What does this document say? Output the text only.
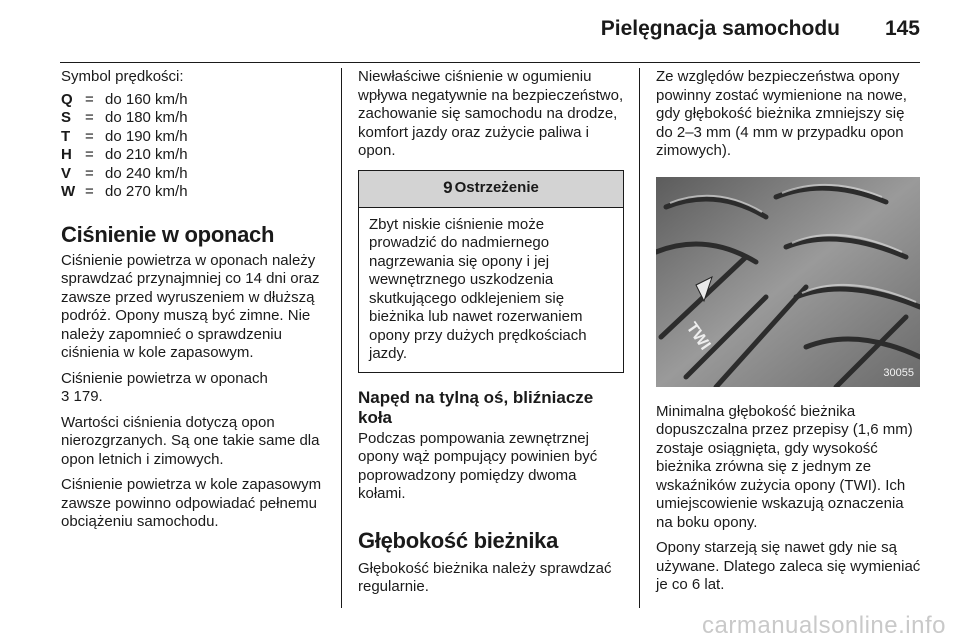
Pielęgnacja samochodu 145

Symbol prędkości:

Q = do 160 km/h
S = do 180 km/h
T = do 190 km/h
H = do 210 km/h
V = do 240 km/h
W = do 270 km/h
Ciśnienie w oponach

Ciśnienie powietrza w oponach należy sprawdzać przynajmniej co 14 dni oraz zawsze przed wyruszeniem w dłuższą podróż. Opony muszą być zimne. Nie należy zapomnieć o sprawdzeniu ciśnienia w kole zapasowym.

Ciśnienie powietrza w oponach
3 179.

Wartości ciśnienia dotyczą opon nierozgrzanych. Są one takie same dla opon letnich i zimowych.

Ciśnienie powietrza w kole zapasowym zawsze powinno odpowiadać pełnemu obciążeniu samochodu.

Niewłaściwe ciśnienie w ogumieniu wpływa negatywnie na bezpieczeństwo, zachowanie się samochodu na drodze, komfort jazdy oraz zużycie paliwa i opon.

9 Ostrzeżenie
Zbyt niskie ciśnienie może prowadzić do nadmiernego nagrzewania się opony i jej wewnętrznego uszkodzenia skutkującego odklejeniem się bieżnika lub nawet rozerwaniem opony przy dużych prędkościach jazdy.
Napęd na tylną oś, bliźniacze koła

Podczas pompowania zewnętrznej opony wąż pompujący powinien być poprowadzony pomiędzy dwoma kołami.

Głębokość bieżnika

Głębokość bieżnika należy sprawdzać regularnie.

Ze względów bezpieczeństwa opony powinny zostać wymienione na nowe, gdy głębokość bieżnika zmniejszy się do 2–3 mm (4 mm w przypadku opon zimowych).

TWI
30055

Minimalna głębokość bieżnika dopuszczalna przez przepisy (1,6 mm) zostaje osiągnięta, gdy wysokość bieżnika zrówna się z jednym ze wskaźników zużycia opony (TWI). Ich umiejscowienie wskazują oznaczenia na boku opony.

Opony starzeją się nawet gdy nie są używane. Dlatego zaleca się wymieniać je co 6 lat.

carmanualsonline.info
